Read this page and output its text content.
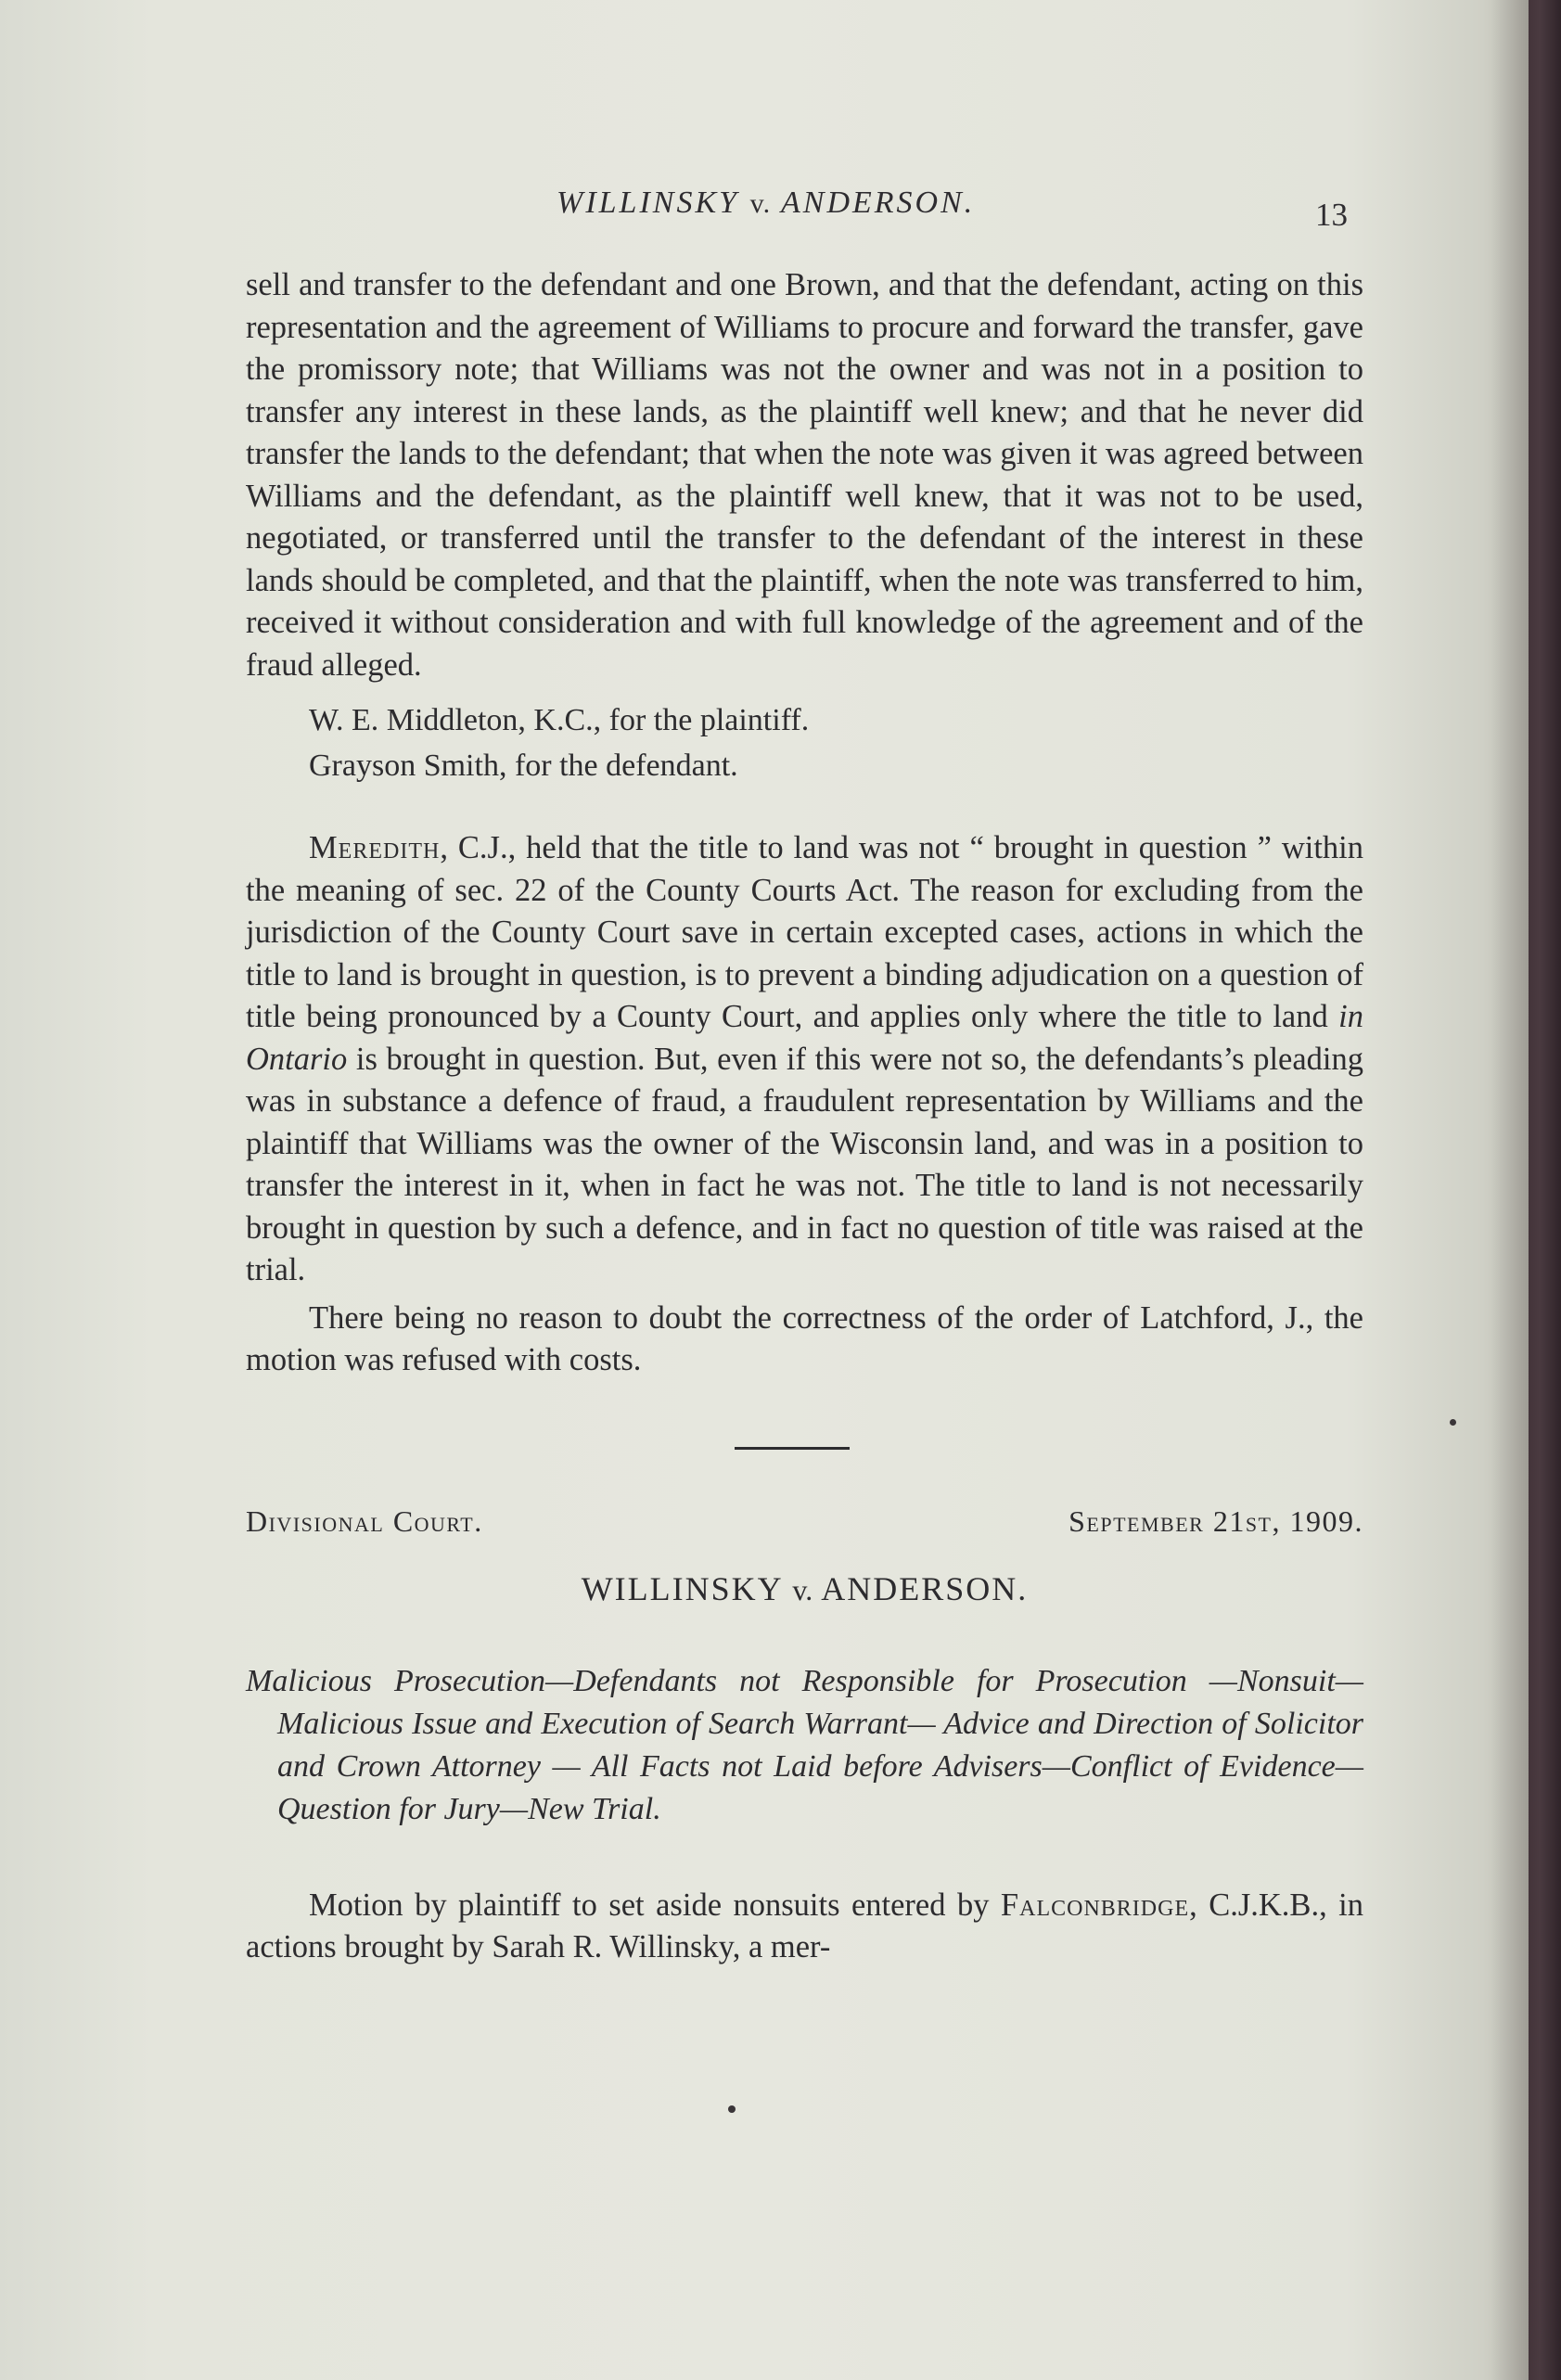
WILLINSKY v. ANDERSON.	13

sell and transfer to the defendant and one Brown, and that the defendant, acting on this representation and the agreement of Williams to procure and forward the transfer, gave the promissory note; that Williams was not the owner and was not in a position to transfer any interest in these lands, as the plaintiff well knew; and that he never did transfer the lands to the defendant; that when the note was given it was agreed between Williams and the defendant, as the plaintiff well knew, that it was not to be used, negotiated, or transferred until the transfer to the defendant of the interest in these lands should be completed, and that the plaintiff, when the note was transferred to him, received it without consideration and with full knowledge of the agreement and of the fraud alleged.

W. E. Middleton, K.C., for the plaintiff.
Grayson Smith, for the defendant.

Meredith, C.J., held that the title to land was not “ brought in question ” within the meaning of sec. 22 of the County Courts Act. The reason for excluding from the jurisdiction of the County Court save in certain excepted cases, actions in which the title to land is brought in question, is to prevent a binding adjudication on a question of title being pronounced by a County Court, and applies only where the title to land in Ontario is brought in question. But, even if this were not so, the defendants’s pleading was in substance a defence of fraud, a fraudulent representation by Williams and the plaintiff that Williams was the owner of the Wisconsin land, and was in a position to transfer the interest in it, when in fact he was not. The title to land is not necessarily brought in question by such a defence, and in fact no question of title was raised at the trial.

There being no reason to doubt the correctness of the order of Latchford, J., the motion was refused with costs.

Divisional Court.	September 21st, 1909.
WILLINSKY v. ANDERSON.

Malicious Prosecution—Defendants not Responsible for Prosecution —Nonsuit—Malicious Issue and Execution of Search Warrant— Advice and Direction of Solicitor and Crown Attorney — All Facts not Laid before Advisers—Conflict of Evidence—Question for Jury—New Trial.

Motion by plaintiff to set aside nonsuits entered by Falconbridge, C.J.K.B., in actions brought by Sarah R. Willinsky, a mer-
